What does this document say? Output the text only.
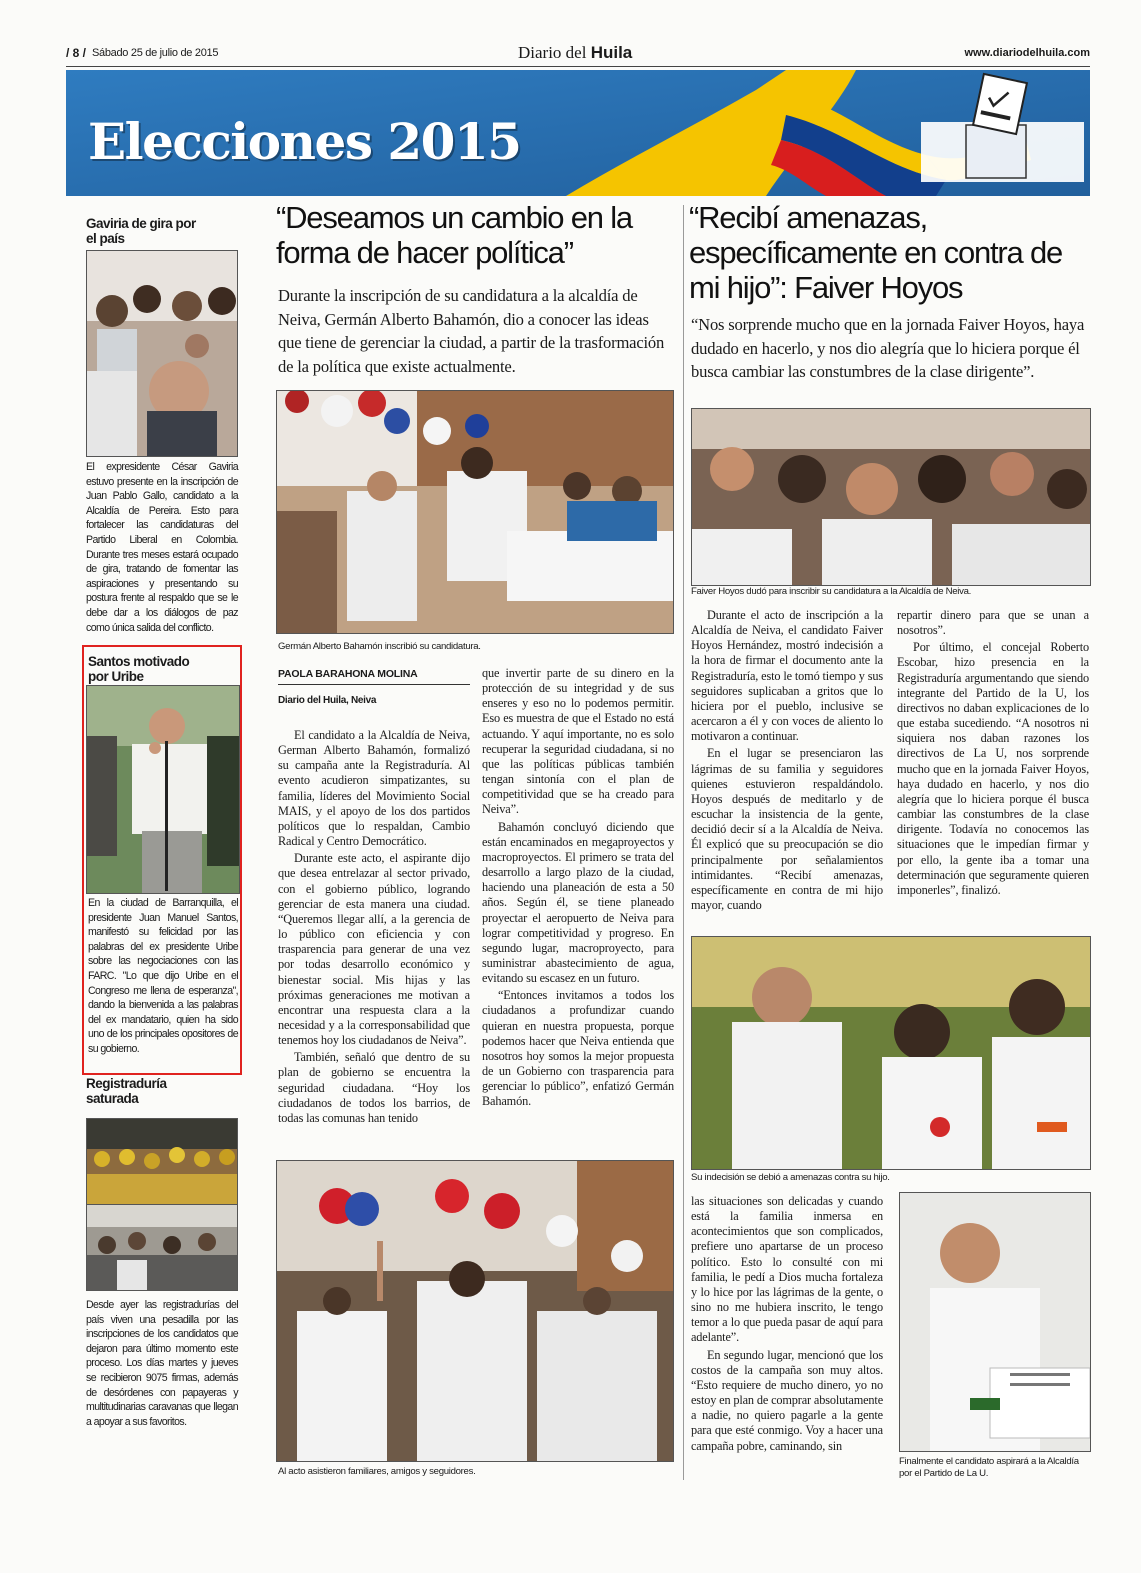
/ 8 / Sábado 25 de julio de 2015	Diario del Huila	www.diariodelhuila.com
Elecciones 2015
Gaviria de gira por el país

El expresidente César Gaviria estuvo presente en la inscripción de Juan Pablo Gallo, candidato a la Alcaldía de Pereira. Esto para fortalecer las candidaturas del Partido Liberal en Colombia. Durante tres meses estará ocupado de gira, tratando de fomentar las aspiraciones y presentando su postura frente al respaldo que se le debe dar a los diálogos de paz como única salida del conflicto.

Santos motivado por Uribe

En la ciudad de Barranquilla, el presidente Juan Manuel Santos, manifestó su felicidad por las palabras del ex presidente Uribe sobre las negociaciones con las FARC. "Lo que dijo Uribe en el Congreso me llena de esperanza", dando la bienvenida a las palabras del ex mandatario, quien ha sido uno de los principales opositores de su gobierno.

Registraduría saturada

Desde ayer las registradurías del país viven una pesadilla por las inscripciones de los candidatos que dejaron para último momento este proceso. Los días martes y jueves se recibieron 9075 firmas, además de desórdenes con papayeras y multitudinarias caravanas que llegan a apoyar a sus favoritos.

“Deseamos un cambio en la forma de hacer política”
Durante la inscripción de su candidatura a la alcaldía de Neiva, Germán Alberto Bahamón, dio a conocer las ideas que tiene de gerenciar la ciudad, a partir de la trasformación de la política que existe actualmente.
Germán Alberto Bahamón inscribió su candidatura.
PAOLA BARAHONA MOLINA
Diario del Huila, Neiva

El candidato a la Alcaldía de Neiva, German Alberto Bahamón, formalizó su campaña ante la Registraduría. Al evento acudieron simpatizantes, su familia, líderes del Movimiento Social MAIS, y el apoyo de los dos partidos políticos que lo respaldan, Cambio Radical y Centro Democrático.

Durante este acto, el aspirante dijo que desea entrelazar al sector privado, con el gobierno público, logrando gerenciar de esta manera una ciudad. “Queremos llegar allí, a la gerencia de lo público con eficiencia y con trasparencia para generar de una vez por todas desarrollo económico y bienestar social. Mis hijas y las próximas generaciones me motivan a encontrar una respuesta clara a la necesidad y a la corresponsabilidad que tenemos hoy los ciudadanos de Neiva”.

También, señaló que dentro de su plan de gobierno se encuentra la seguridad ciudadana. “Hoy los ciudadanos de todos los barrios, de todas las comunas han tenido

que invertir parte de su dinero en la protección de su integridad y de sus enseres y eso no lo podemos permitir. Eso es muestra de que el Estado no está actuando. Y aquí importante, no es solo recuperar la seguridad ciudadana, si no que las políticas públicas también tengan sintonía con el plan de competitividad que se ha creado para Neiva”.

Bahamón concluyó diciendo que están encaminados en megaproyectos y macroproyectos. El primero se trata del desarrollo a largo plazo de la ciudad, haciendo una planeación de esta a 50 años. Según él, se tiene planeado proyectar el aeropuerto de Neiva para lograr competitividad y progreso. En segundo lugar, macroproyecto, para suministrar abastecimiento de agua, evitando su escasez en un futuro.

“Entonces invitamos a todos los ciudadanos a profundizar cuando quieran en nuestra propuesta, porque podemos hacer que Neiva entienda que nosotros hoy somos la mejor propuesta de un Gobierno con trasparencia para gerenciar lo público”, enfatizó Germán Bahamón.

Al acto asistieron familiares, amigos y seguidores.
“Recibí amenazas, específicamente en contra de mi hijo”: Faiver Hoyos
“Nos sorprende mucho que en la jornada Faiver Hoyos, haya dudado en hacerlo, y nos dio alegría que lo hiciera porque él busca cambiar las constumbres de la clase dirigente”.
Faiver Hoyos dudó para inscribir su candidatura a la Alcaldía de Neiva.

Durante el acto de inscripción a la Alcaldía de Neiva, el candidato Faiver Hoyos Hernández, mostró indecisión a la hora de firmar el documento ante la Registraduría, esto le tomó tiempo y sus seguidores suplicaban a gritos que lo hiciera por el pueblo, inclusive se acercaron a él y con voces de aliento lo motivaron a continuar.

En el lugar se presenciaron las lágrimas de su familia y seguidores quienes estuvieron respaldándolo. Hoyos después de meditarlo y de escuchar la insistencia de la gente, decidió decir sí a la Alcaldía de Neiva. Él explicó que su preocupación se dio principalmente por señalamientos intimidantes. “Recibí amenazas, específicamente en contra de mi hijo mayor, cuando

repartir dinero para que se unan a nosotros”.

Por último, el concejal Roberto Escobar, hizo presencia en la Registraduría argumentando que siendo integrante del Partido de la U, los directivos no daban explicaciones de lo que estaba sucediendo. “A nosotros ni siquiera nos daban razones los directivos de La U, nos sorprende mucho que en la jornada Faiver Hoyos, haya dudado en hacerlo, y nos dio alegría que lo hiciera porque él busca cambiar las constumbres de la clase dirigente. Todavía no conocemos las situaciones que le impedían firmar y por ello, la gente iba a tomar una determinación que seguramente quieren imponerles”, finalizó.

Su indecisión se debió a amenazas contra su hijo.

las situaciones son delicadas y cuando está la familia inmersa en acontecimientos que son complicados, prefiere uno apartarse de un proceso político. Esto lo consulté con mi familia, le pedí a Dios mucha fortaleza y lo hice por las lágrimas de la gente, o sino no me hubiera inscrito, le tengo temor a lo que pueda pasar de aquí para adelante”.

En segundo lugar, mencionó que los costos de la campaña son muy altos. “Esto requiere de mucho dinero, yo no estoy en plan de comprar absolutamente a nadie, no quiero pagarle a la gente para que esté conmigo. Voy a hacer una campaña pobre, caminando, sin

Finalmente el candidato aspirará a la Alcaldía por el Partido de La U.
